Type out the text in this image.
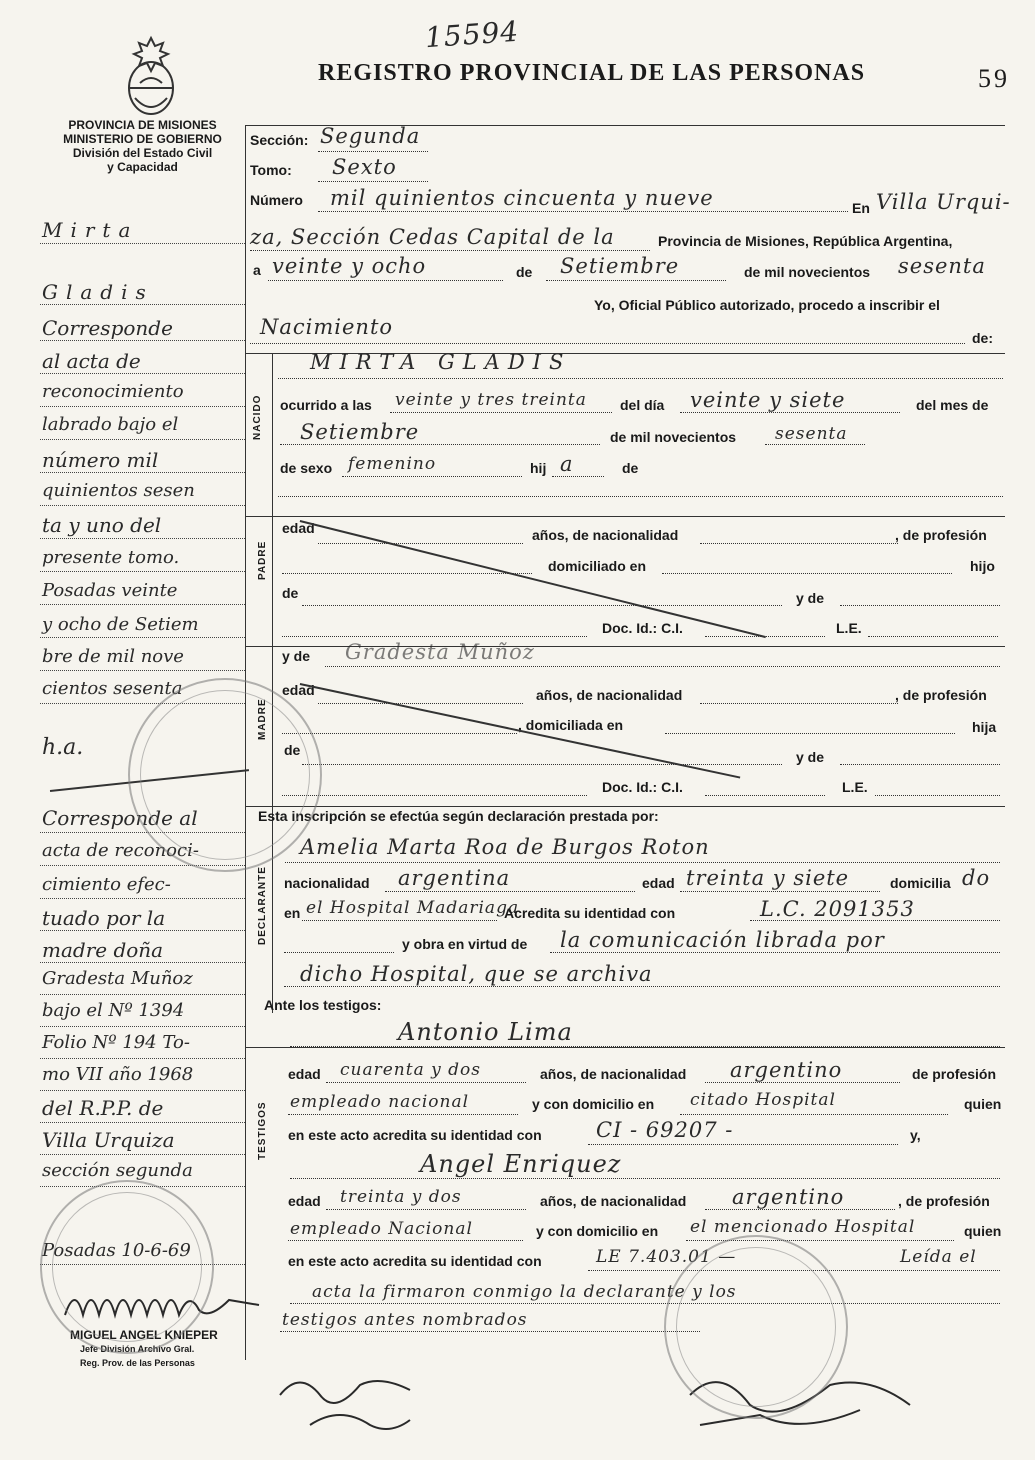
15594
REGISTRO PROVINCIAL DE LAS PERSONAS	59
PROVINCIA DE MISIONES
MINISTERIO DE GOBIERNO
División del Estado Civil
y Capacidad
NACIDO
PADRE
MADRE
DECLARANTE
TESTIGOS
Sección: Segunda
Tomo: Sexto
Número mil quinientos cincuenta y nueve	En Villa Urqui-
za, Sección Cedas Capital de la	Provincia de Misiones, República Argentina,
a veinte y ocho	de Setiembre	de mil novecientos sesenta
Yo, Oficial Público autorizado, procedo a inscribir el
Nacimiento	de:
MIRTA GLADIS
ocurrido a las veinte y tres treinta del día veinte y siete	del mes de
Setiembre	de mil novecientos sesenta
de sexo femenino	hij a	de
edad	años, de nacionalidad	, de profesión
domiciliado en	hijo
de	y de
Doc. Id.: C.I.	L.E.
y de Gradesta Muñoz
edad	años, de nacionalidad	, de profesión
, domiciliada en	hija
de	y de
Doc. Id.: C.I.	L.E.
Esta inscripción se efectúa según declaración prestada por:
Amelia Marta Roa de Burgos Roton
nacionalidad argentina	edad treinta y siete	domicilia do
en el Hospital Madariaga
Acredita su identidad con	L.C. 2091353
y obra en virtud de la comunicación librada por
dicho Hospital, que se archiva
Ante los testigos:
Antonio Lima
edad cuarenta y dos	años, de nacionalidad argentino	de profesión
empleado nacional	y con domicilio en citado Hospital	quien
en este acto acredita su identidad con	CI - 69207 -	y,
Angel Enriquez
edad treinta y dos	años, de nacionalidad argentino	, de profesión
empleado Nacional	y con domicilio en el mencionado Hospital	quien
en este acto acredita su identidad con	LE 7.403.01 —	Leída el
acta la firmaron conmigo la declarante y los
testigos antes nombrados
Mirta
Gladis
Corresponde
al acta de
reconocimiento
labrado bajo el
número mil
quinientos sesen
ta y uno del
presente tomo.
Posadas veinte
y ocho de Setiem
bre de mil nove
cientos sesenta
h.a.
Corresponde al
acta de reconoci-
cimiento efec-
tuado por la
madre doña
Gradesta Muñoz
bajo el Nº 1394
Folio Nº 194 To-
mo VII año 1968
del R.P.P. de
Villa Urquiza
sección segunda
Posadas 10-6-69
MIGUEL ANGEL KNIEPER
Jefe División Archivo Gral.
Reg. Prov. de las Personas
